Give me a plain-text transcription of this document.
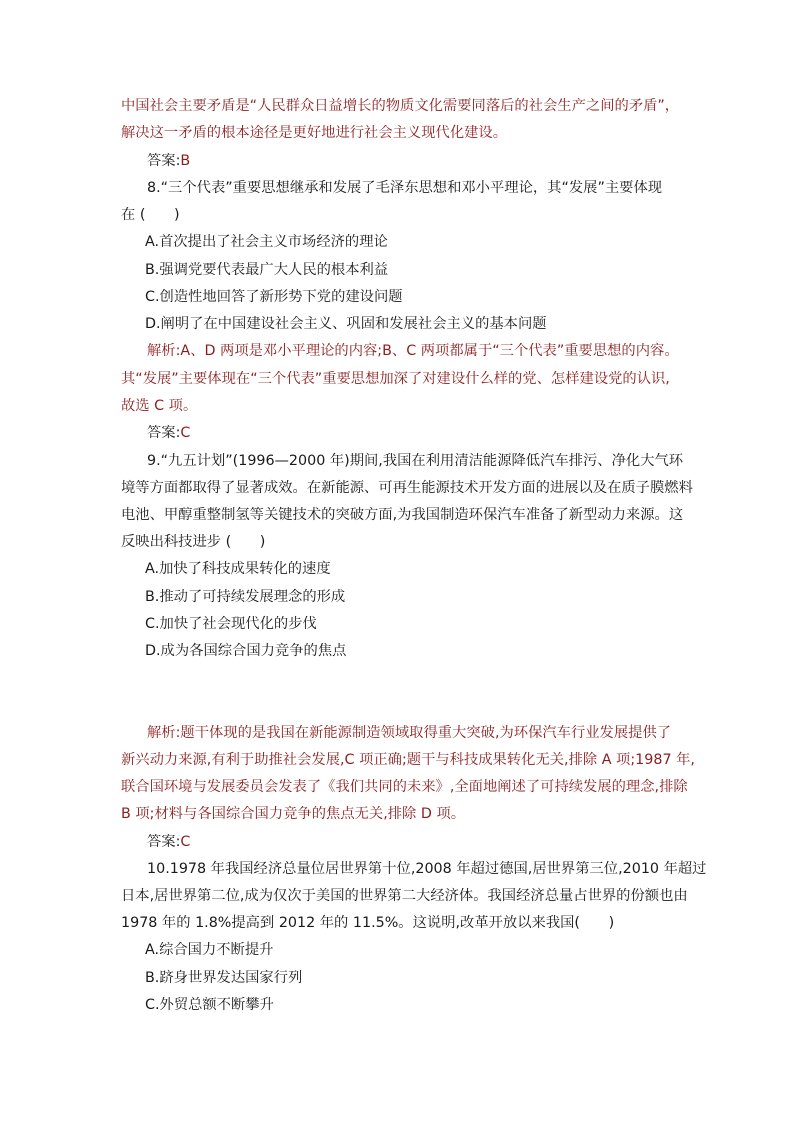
中国社会主要矛盾是“人民群众日益增长的物质文化需要同落后的社会生产之间的矛盾”，
解决这一矛盾的根本途径是更好地进行社会主义现代化建设。
答案:B
8.“三个代表”重要思想继承和发展了毛泽东思想和邓小平理论，其“发展”主要体现
在 (　　)
A.首次提出了社会主义市场经济的理论
B.强调党要代表最广大人民的根本利益
C.创造性地回答了新形势下党的建设问题
D.阐明了在中国建设社会主义、巩固和发展社会主义的基本问题
解析:A、D 两项是邓小平理论的内容;B、C 两项都属于“三个代表”重要思想的内容。
其“发展”主要体现在“三个代表”重要思想加深了对建设什么样的党、怎样建设党的认识,
故选 C 项。
答案:C
9.“九五计划”(1996—2000 年)期间,我国在利用清洁能源降低汽车排污、净化大气环
境等方面都取得了显著成效。在新能源、可再生能源技术开发方面的进展以及在质子膜燃料
电池、甲醇重整制氢等关键技术的突破方面,为我国制造环保汽车准备了新型动力来源。这
反映出科技进步 (　　)
A.加快了科技成果转化的速度
B.推动了可持续发展理念的形成
C.加快了社会现代化的步伐
D.成为各国综合国力竞争的焦点
解析:题干体现的是我国在新能源制造领域取得重大突破,为环保汽车行业发展提供了
新兴动力来源,有利于助推社会发展,C 项正确;题干与科技成果转化无关,排除 A 项;1987 年,
联合国环境与发展委员会发表了《我们共同的未来》,全面地阐述了可持续发展的理念,排除
B 项;材料与各国综合国力竞争的焦点无关,排除 D 项。
答案:C
10.1978 年我国经济总量位居世界第十位,2008 年超过德国,居世界第三位,2010 年超过
日本,居世界第二位,成为仅次于美国的世界第二大经济体。我国经济总量占世界的份额也由
1978 年的 1.8%提高到 2012 年的 11.5%。这说明,改革开放以来我国(　　)
A.综合国力不断提升
B.跻身世界发达国家行列
C.外贸总额不断攀升
